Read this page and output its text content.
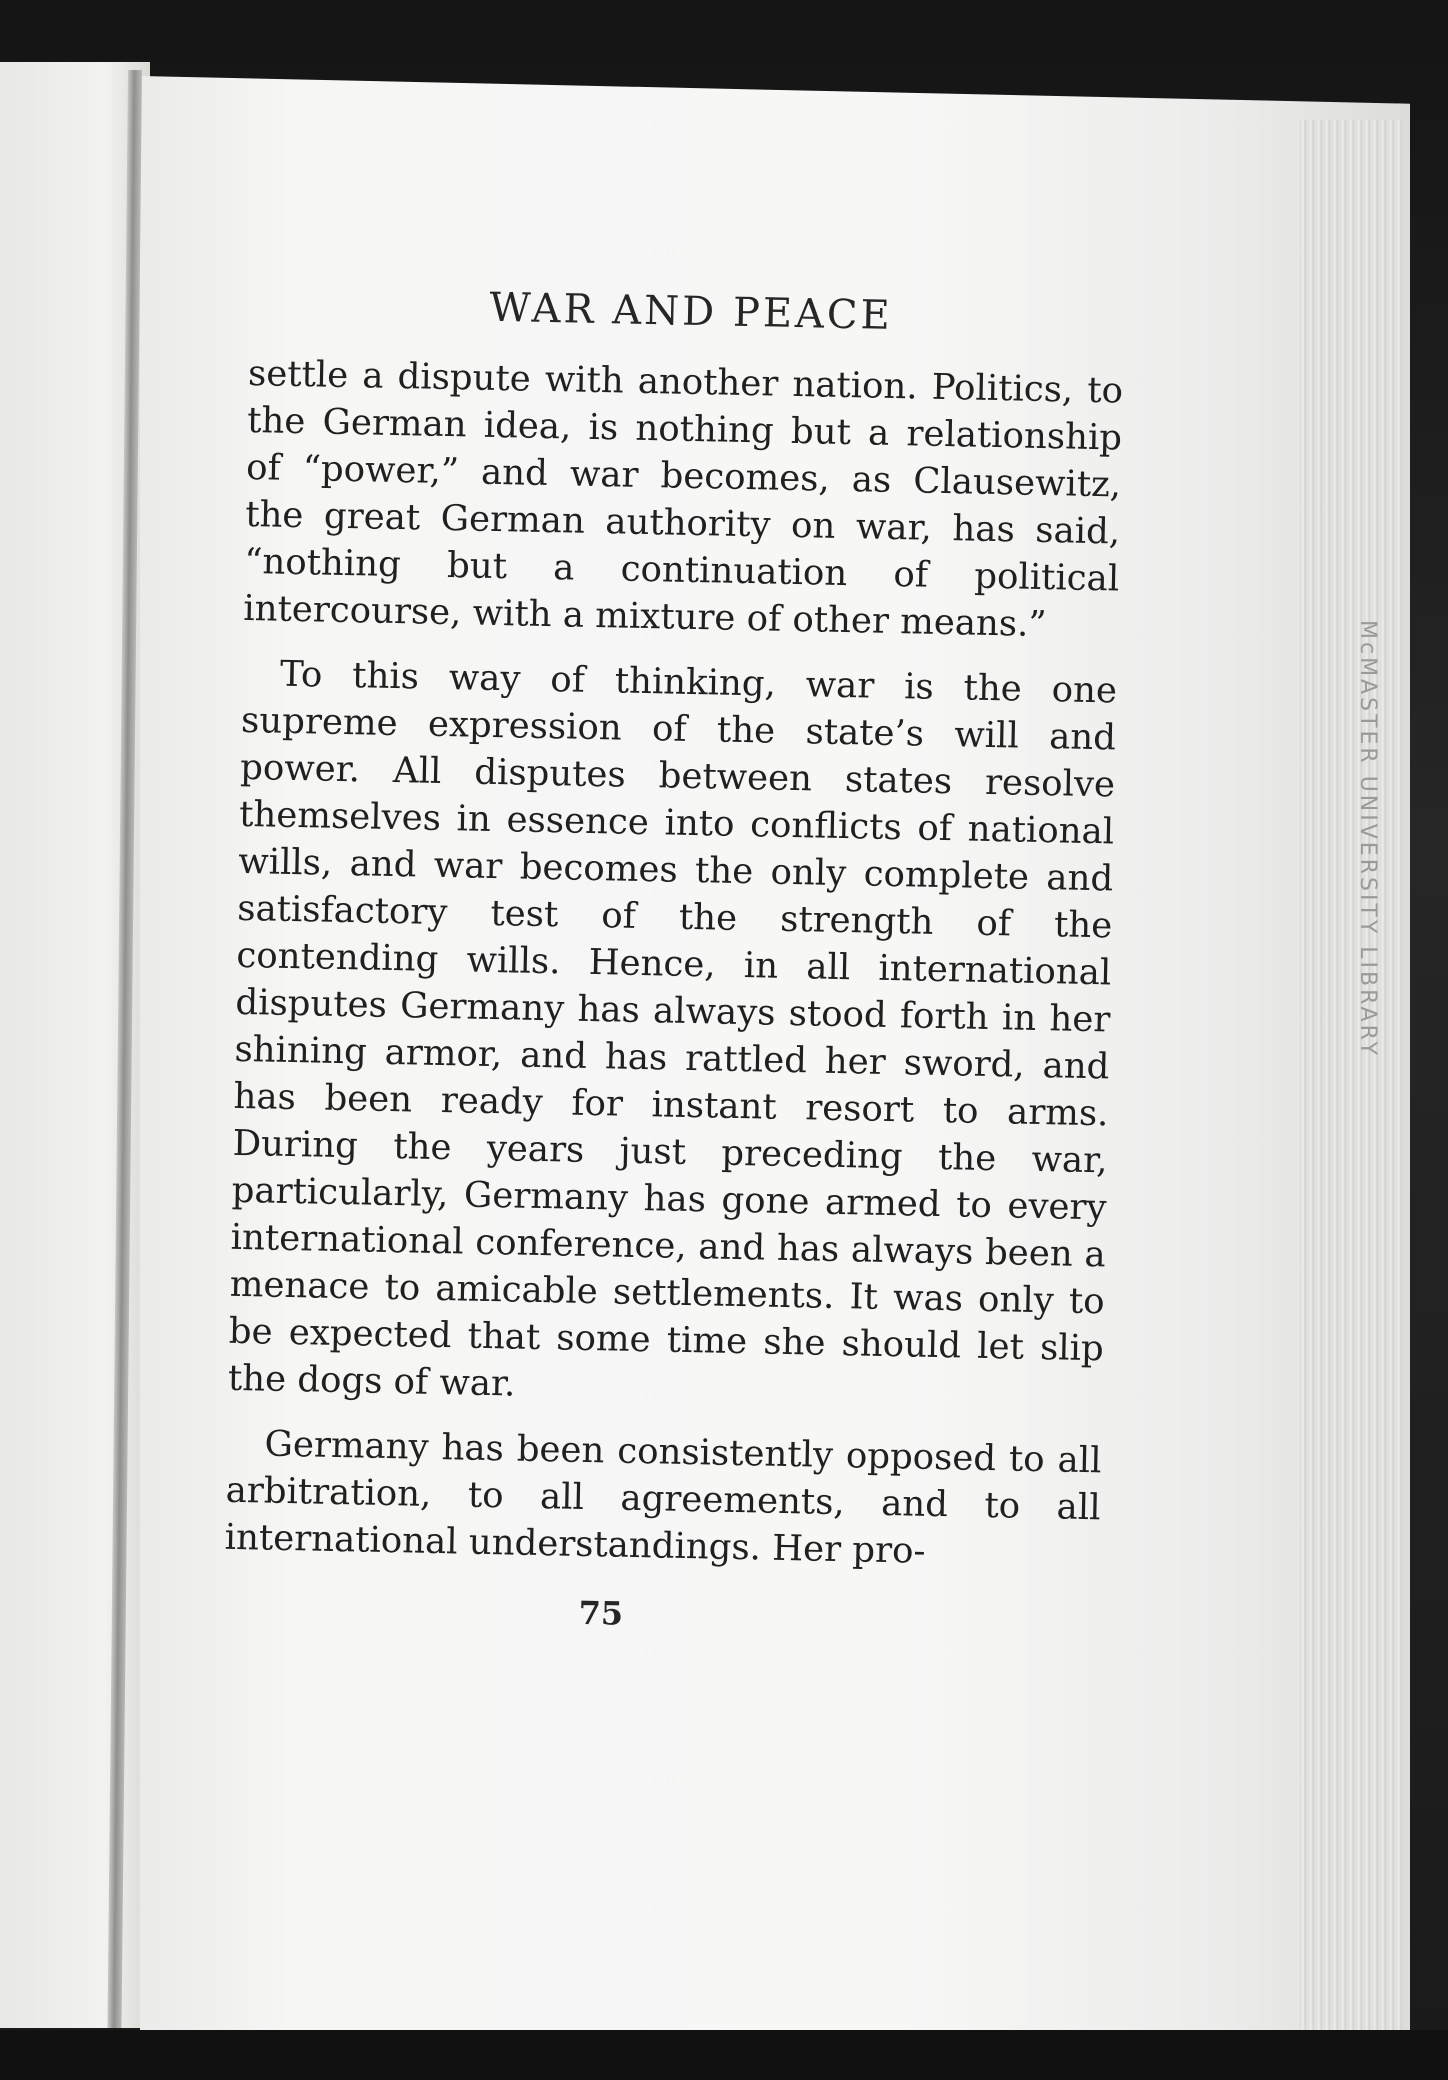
McMASTER UNIVERSITY LIBRARY
WAR AND PEACE

settle a dispute with another nation. Politics, to the German idea, is nothing but a relationship of “power,” and war becomes, as Clausewitz, the great German authority on war, has said, “nothing but a continuation of political intercourse, with a mixture of other means.”

To this way of thinking, war is the one supreme expression of the state’s will and power. All disputes between states resolve themselves in essence into conflicts of national wills, and war becomes the only complete and satisfactory test of the strength of the contending wills. Hence, in all international disputes Germany has always stood forth in her shining armor, and has rattled her sword, and has been ready for instant resort to arms. During the years just preceding the war, particularly, Germany has gone armed to every international conference, and has always been a menace to amicable settlements. It was only to be expected that some time she should let slip the dogs of war.

Germany has been consistently opposed to all arbitration, to all agreements, and to all international understandings. Her pro-

75
